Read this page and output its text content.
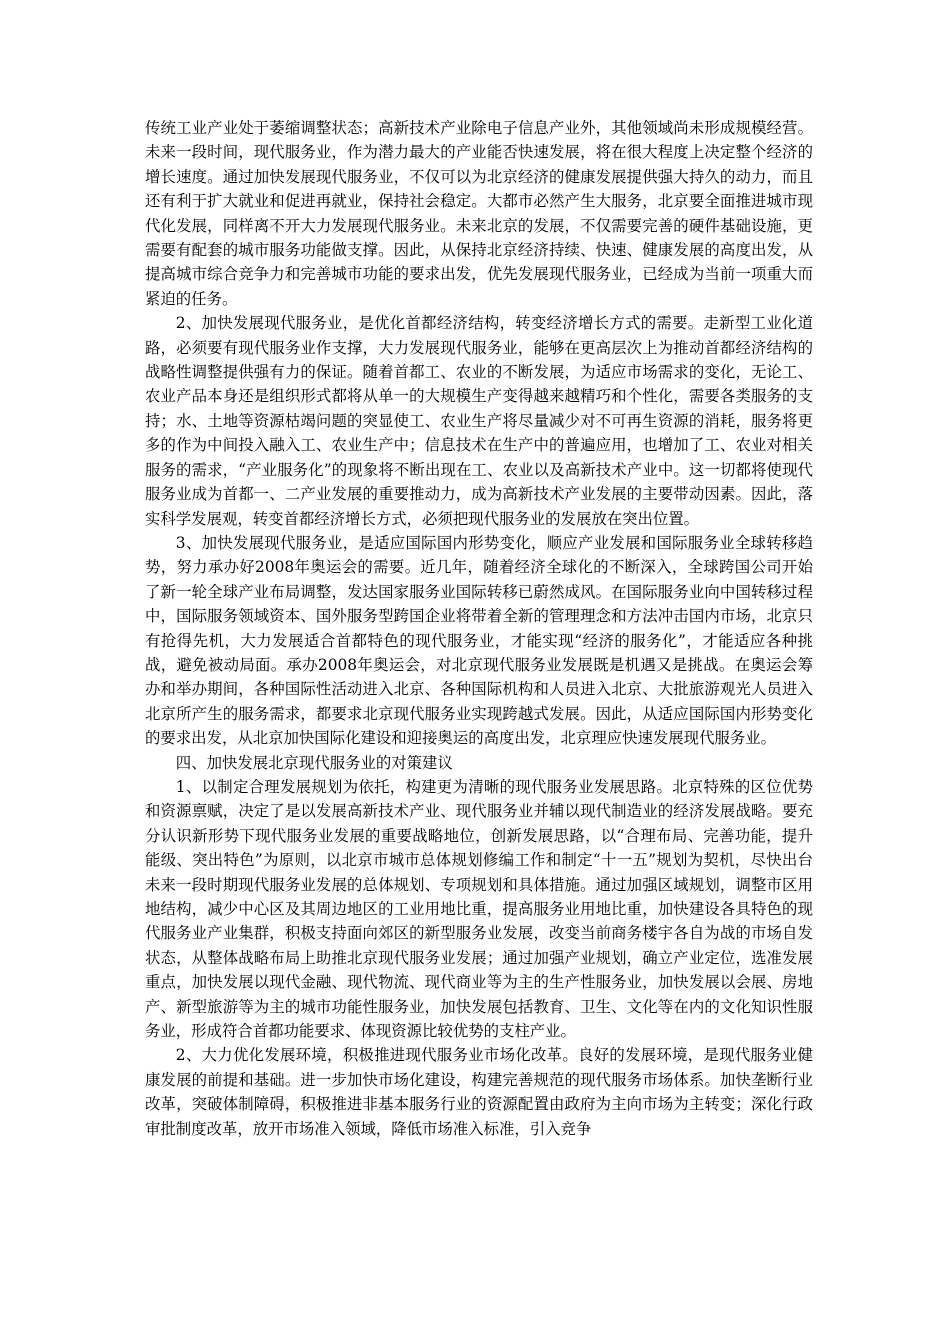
传统工业产业处于萎缩调整状态；高新技术产业除电子信息产业外，其他领域尚未形成规模经营。未来一段时间，现代服务业，作为潜力最大的产业能否快速发展，将在很大程度上决定整个经济的增长速度。通过加快发展现代服务业，不仅可以为北京经济的健康发展提供强大持久的动力，而且还有利于扩大就业和促进再就业，保持社会稳定。大都市必然产生大服务，北京要全面推进城市现代化发展，同样离不开大力发展现代服务业。未来北京的发展，不仅需要完善的硬件基础设施，更需要有配套的城市服务功能做支撑。因此，从保持北京经济持续、快速、健康发展的高度出发，从提高城市综合竞争力和完善城市功能的要求出发，优先发展现代服务业，已经成为当前一项重大而紧迫的任务。

2、加快发展现代服务业，是优化首都经济结构，转变经济增长方式的需要。走新型工业化道路，必须要有现代服务业作支撑，大力发展现代服务业，能够在更高层次上为推动首都经济结构的战略性调整提供强有力的保证。随着首都工、农业的不断发展，为适应市场需求的变化，无论工、农业产品本身还是组织形式都将从单一的大规模生产变得越来越精巧和个性化，需要各类服务的支持；水、土地等资源枯竭问题的突显使工、农业生产将尽量减少对不可再生资源的消耗，服务将更多的作为中间投入融入工、农业生产中；信息技术在生产中的普遍应用，也增加了工、农业对相关服务的需求，“产业服务化”的现象将不断出现在工、农业以及高新技术产业中。这一切都将使现代服务业成为首都一、二产业发展的重要推动力，成为高新技术产业发展的主要带动因素。因此，落实科学发展观，转变首都经济增长方式，必须把现代服务业的发展放在突出位置。

3、加快发展现代服务业，是适应国际国内形势变化，顺应产业发展和国际服务业全球转移趋势，努力承办好2008年奥运会的需要。近几年，随着经济全球化的不断深入，全球跨国公司开始了新一轮全球产业布局调整，发达国家服务业国际转移已蔚然成风。在国际服务业向中国转移过程中，国际服务领域资本、国外服务型跨国企业将带着全新的管理理念和方法冲击国内市场，北京只有抢得先机，大力发展适合首都特色的现代服务业，才能实现“经济的服务化”，才能适应各种挑战，避免被动局面。承办2008年奥运会，对北京现代服务业发展既是机遇又是挑战。在奥运会筹办和举办期间，各种国际性活动进入北京、各种国际机构和人员进入北京、大批旅游观光人员进入北京所产生的服务需求，都要求北京现代服务业实现跨越式发展。因此，从适应国际国内形势变化的要求出发，从北京加快国际化建设和迎接奥运的高度出发，北京理应快速发展现代服务业。

四、加快发展北京现代服务业的对策建议

1、以制定合理发展规划为依托，构建更为清晰的现代服务业发展思路。北京特殊的区位优势和资源禀赋，决定了是以发展高新技术产业、现代服务业并辅以现代制造业的经济发展战略。要充分认识新形势下现代服务业发展的重要战略地位，创新发展思路，以“合理布局、完善功能，提升能级、突出特色”为原则，以北京市城市总体规划修编工作和制定“十一五”规划为契机，尽快出台未来一段时期现代服务业发展的总体规划、专项规划和具体措施。通过加强区域规划，调整市区用地结构，减少中心区及其周边地区的工业用地比重，提高服务业用地比重，加快建设各具特色的现代服务业产业集群，积极支持面向郊区的新型服务业发展，改变当前商务楼宇各自为战的市场自发状态，从整体战略布局上助推北京现代服务业发展；通过加强产业规划，确立产业定位，选准发展重点，加快发展以现代金融、现代物流、现代商业等为主的生产性服务业，加快发展以会展、房地产、新型旅游等为主的城市功能性服务业，加快发展包括教育、卫生、文化等在内的文化知识性服务业，形成符合首都功能要求、体现资源比较优势的支柱产业。

2、大力优化发展环境，积极推进现代服务业市场化改革。良好的发展环境，是现代服务业健康发展的前提和基础。进一步加快市场化建设，构建完善规范的现代服务市场体系。加快垄断行业改革，突破体制障碍，积极推进非基本服务行业的资源配置由政府为主向市场为主转变；深化行政审批制度改革，放开市场准入领域，降低市场准入标准，引入竞争
